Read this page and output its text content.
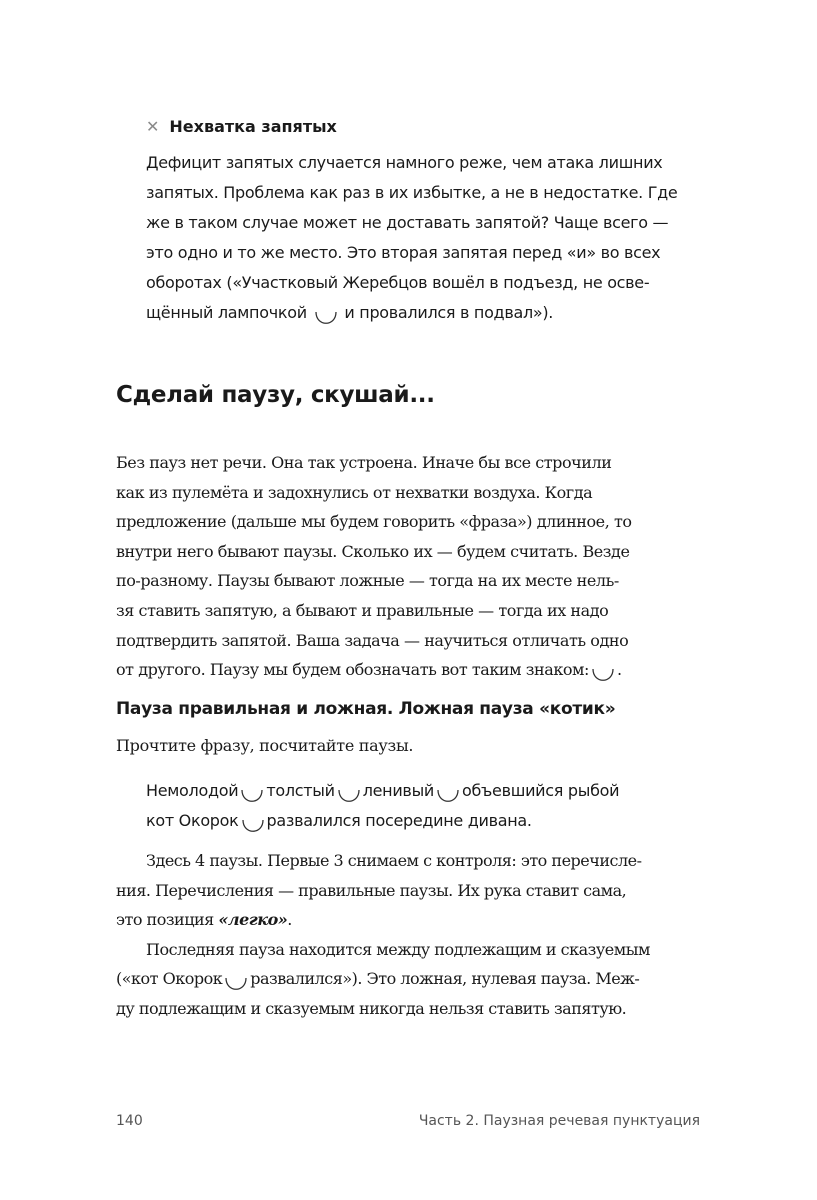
✕ Нехватка запятых
Дефицит запятых случается намного реже, чем атака лишних
запятых. Проблема как раз в их избытке, а не в недостатке. Где
же в таком случае может не доставать запятой? Чаще всего —
это одно и то же место. Это вторая запятая перед «и» во всех
оборотах («Участковый Жеребцов вошёл в подъезд, не осве-
щённый лампочкой и провалился в подвал»).
Сделай паузу, скушай...
Без пауз нет речи. Она так устроена. Иначе бы все строчили
как из пулемёта и задохнулись от нехватки воздуха. Когда
предложение (дальше мы будем говорить «фраза») длинное, то
внутри него бывают паузы. Сколько их — будем считать. Везде
по-разному. Паузы бывают ложные — тогда на их месте нель-
зя ставить запятую, а бывают и правильные — тогда их надо
подтвердить запятой. Ваша задача — научиться отличать одно
от другого. Паузу мы будем обозначать вот таким знаком: .
Пауза правильная и ложная. Ложная пауза «котик»
Прочтите фразу, посчитайте паузы.
Немолодой толстый ленивый объевшийся рыбой
кот Окорок развалился посередине дивана.
Здесь 4 паузы. Первые 3 снимаем с контроля: это перечисле-
ния. Перечисления — правильные паузы. Их рука ставит сама,
это позиция «легко».
Последняя пауза находится между подлежащим и сказуемым
(«кот Окорок развалился»). Это ложная, нулевая пауза. Меж-
ду подлежащим и сказуемым никогда нельзя ставить запятую.
140	Часть 2. Паузная речевая пунктуация
